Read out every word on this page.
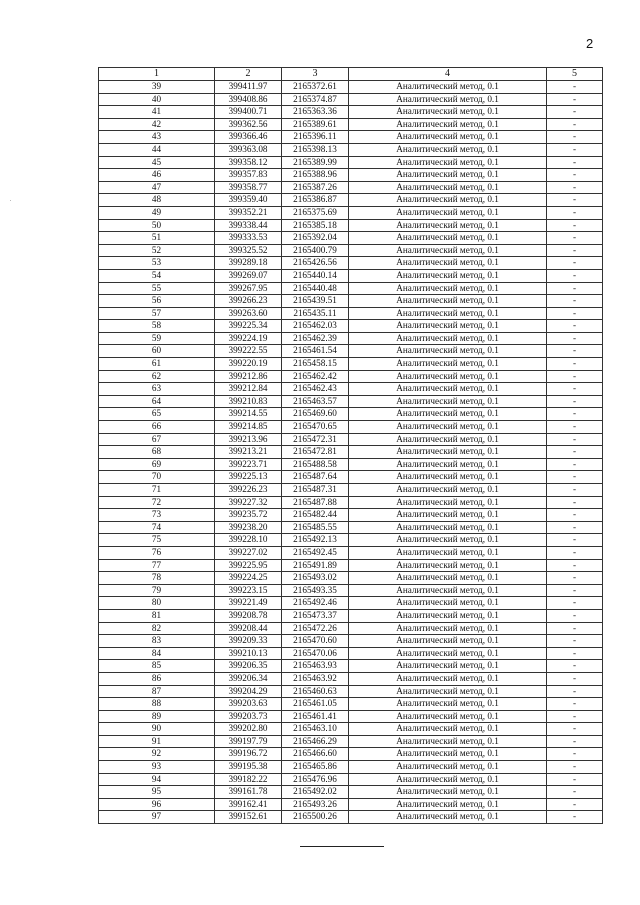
2
1	2	3	4	5
39	399411.97	2165372.61	Аналитический метод, 0.1	-
40	399408.86	2165374.87	Аналитический метод, 0.1	-
41	399400.71	2165363.36	Аналитический метод, 0.1	-
42	399362.56	2165389.61	Аналитический метод, 0.1	-
43	399366.46	2165396.11	Аналитический метод, 0.1	-
44	399363.08	2165398.13	Аналитический метод, 0.1	-
45	399358.12	2165389.99	Аналитический метод, 0.1	-
46	399357.83	2165388.96	Аналитический метод, 0.1	-
47	399358.77	2165387.26	Аналитический метод, 0.1	-
48	399359.40	2165386.87	Аналитический метод, 0.1	-
49	399352.21	2165375.69	Аналитический метод, 0.1	-
50	399338.44	2165385.18	Аналитический метод, 0.1	-
51	399333.53	2165392.04	Аналитический метод, 0.1	-
52	399325.52	2165400.79	Аналитический метод, 0.1	-
53	399289.18	2165426.56	Аналитический метод, 0.1	-
54	399269.07	2165440.14	Аналитический метод, 0.1	-
55	399267.95	2165440.48	Аналитический метод, 0.1	-
56	399266.23	2165439.51	Аналитический метод, 0.1	-
57	399263.60	2165435.11	Аналитический метод, 0.1	-
58	399225.34	2165462.03	Аналитический метод, 0.1	-
59	399224.19	2165462.39	Аналитический метод, 0.1	-
60	399222.55	2165461.54	Аналитический метод, 0.1	-
61	399220.19	2165458.15	Аналитический метод, 0.1	-
62	399212.86	2165462.42	Аналитический метод, 0.1	-
63	399212.84	2165462.43	Аналитический метод, 0.1	-
64	399210.83	2165463.57	Аналитический метод, 0.1	-
65	399214.55	2165469.60	Аналитический метод, 0.1	-
66	399214.85	2165470.65	Аналитический метод, 0.1	-
67	399213.96	2165472.31	Аналитический метод, 0.1	-
68	399213.21	2165472.81	Аналитический метод, 0.1	-
69	399223.71	2165488.58	Аналитический метод, 0.1	-
70	399225.13	2165487.64	Аналитический метод, 0.1	-
71	399226.23	2165487.31	Аналитический метод, 0.1	-
72	399227.32	2165487.88	Аналитический метод, 0.1	-
73	399235.72	2165482.44	Аналитический метод, 0.1	-
74	399238.20	2165485.55	Аналитический метод, 0.1	-
75	399228.10	2165492.13	Аналитический метод, 0.1	-
76	399227.02	2165492.45	Аналитический метод, 0.1	-
77	399225.95	2165491.89	Аналитический метод, 0.1	-
78	399224.25	2165493.02	Аналитический метод, 0.1	-
79	399223.15	2165493.35	Аналитический метод, 0.1	-
80	399221.49	2165492.46	Аналитический метод, 0.1	-
81	399208.78	2165473.37	Аналитический метод, 0.1	-
82	399208.44	2165472.26	Аналитический метод, 0.1	-
83	399209.33	2165470.60	Аналитический метод, 0.1	-
84	399210.13	2165470.06	Аналитический метод, 0.1	-
85	399206.35	2165463.93	Аналитический метод, 0.1	-
86	399206.34	2165463.92	Аналитический метод, 0.1	-
87	399204.29	2165460.63	Аналитический метод, 0.1	-
88	399203.63	2165461.05	Аналитический метод, 0.1	-
89	399203.73	2165461.41	Аналитический метод, 0.1	-
90	399202.80	2165463.10	Аналитический метод, 0.1	-
91	399197.79	2165466.29	Аналитический метод, 0.1	-
92	399196.72	2165466.60	Аналитический метод, 0.1	-
93	399195.38	2165465.86	Аналитический метод, 0.1	-
94	399182.22	2165476.96	Аналитический метод, 0.1	-
95	399161.78	2165492.02	Аналитический метод, 0.1	-
96	399162.41	2165493.26	Аналитический метод, 0.1	-
97	399152.61	2165500.26	Аналитический метод, 0.1	-
